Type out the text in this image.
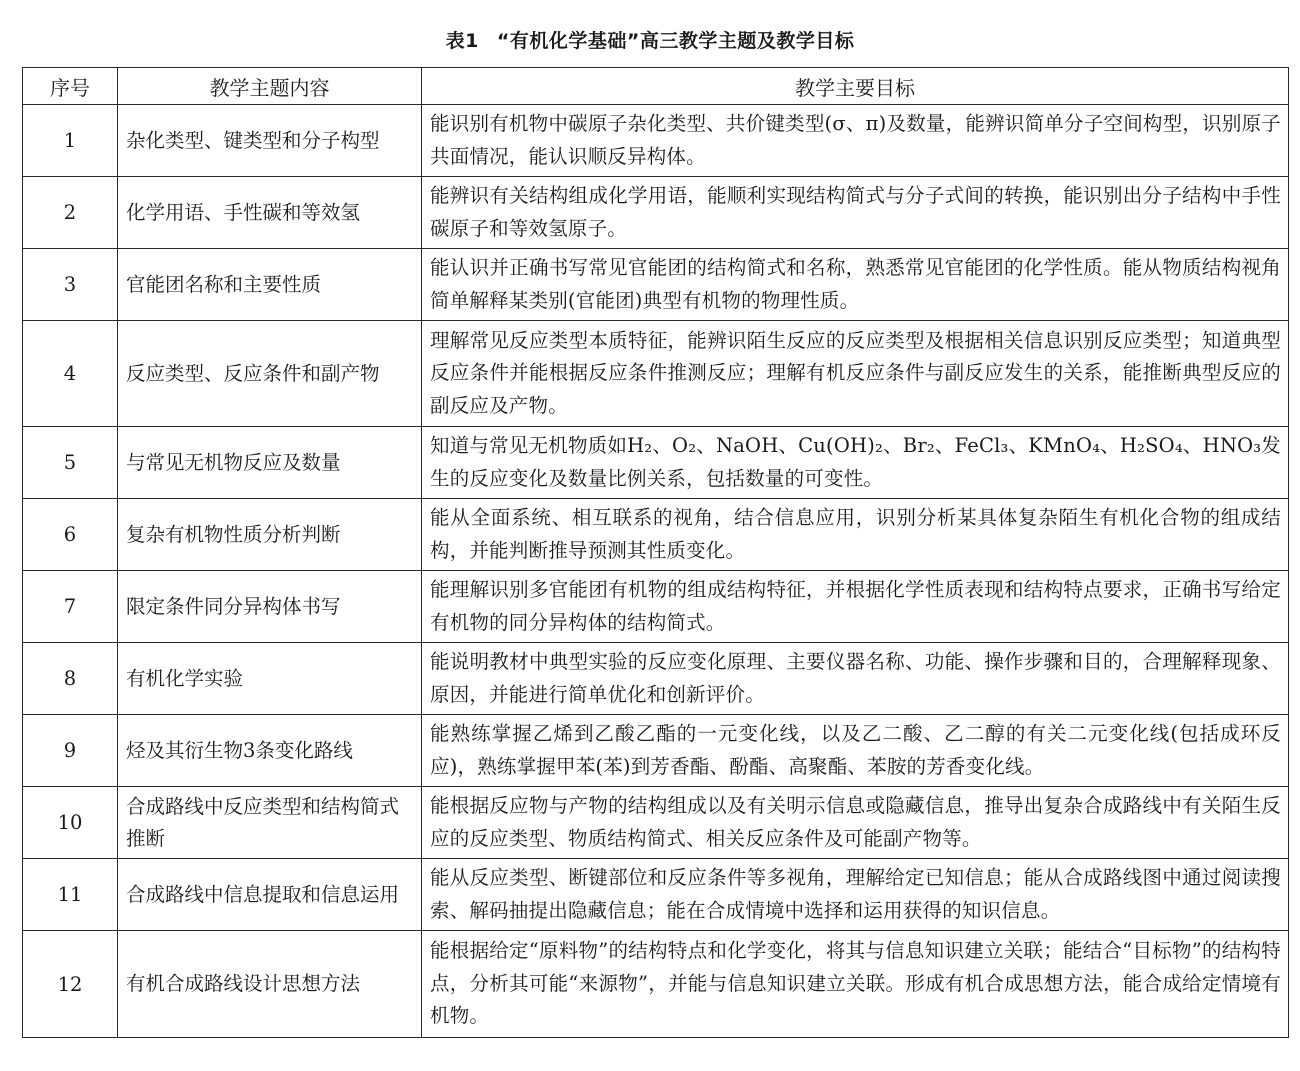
表1 “有机化学基础”高三教学主题及教学目标
序号	教学主题内容	教学主要目标
1	杂化类型、键类型和分子构型	能识别有机物中碳原子杂化类型、共价键类型(σ、π)及数量，能辨识简单分子空间构型，识别原子共面情况，能认识顺反异构体。
2	化学用语、手性碳和等效氢	能辨识有关结构组成化学用语，能顺利实现结构简式与分子式间的转换，能识别出分子结构中手性碳原子和等效氢原子。
3	官能团名称和主要性质	能认识并正确书写常见官能团的结构简式和名称，熟悉常见官能团的化学性质。能从物质结构视角简单解释某类别(官能团)典型有机物的物理性质。
4	反应类型、反应条件和副产物	理解常见反应类型本质特征，能辨识陌生反应的反应类型及根据相关信息识别反应类型；知道典型反应条件并能根据反应条件推测反应；理解有机反应条件与副反应发生的关系，能推断典型反应的副反应及产物。
5	与常见无机物反应及数量	知道与常见无机物质如H₂、O₂、NaOH、Cu(OH)₂、Br₂、FeCl₃、KMnO₄、H₂SO₄、HNO₃发生的反应变化及数量比例关系，包括数量的可变性。
6	复杂有机物性质分析判断	能从全面系统、相互联系的视角，结合信息应用，识别分析某具体复杂陌生有机化合物的组成结构，并能判断推导预测其性质变化。
7	限定条件同分异构体书写	能理解识别多官能团有机物的组成结构特征，并根据化学性质表现和结构特点要求，正确书写给定有机物的同分异构体的结构简式。
8	有机化学实验	能说明教材中典型实验的反应变化原理、主要仪器名称、功能、操作步骤和目的，合理解释现象、原因，并能进行简单优化和创新评价。
9	烃及其衍生物3条变化路线	能熟练掌握乙烯到乙酸乙酯的一元变化线，以及乙二酸、乙二醇的有关二元变化线(包括成环反应)，熟练掌握甲苯(苯)到芳香酯、酚酯、高聚酯、苯胺的芳香变化线。
10	合成路线中反应类型和结构简式推断	能根据反应物与产物的结构组成以及有关明示信息或隐藏信息，推导出复杂合成路线中有关陌生反应的反应类型、物质结构简式、相关反应条件及可能副产物等。
11	合成路线中信息提取和信息运用	能从反应类型、断键部位和反应条件等多视角，理解给定已知信息；能从合成路线图中通过阅读搜索、解码抽提出隐藏信息；能在合成情境中选择和运用获得的知识信息。
12	有机合成路线设计思想方法	能根据给定“原料物”的结构特点和化学变化，将其与信息知识建立关联；能结合“目标物”的结构特点，分析其可能“来源物”，并能与信息知识建立关联。形成有机合成思想方法，能合成给定情境有机物。
